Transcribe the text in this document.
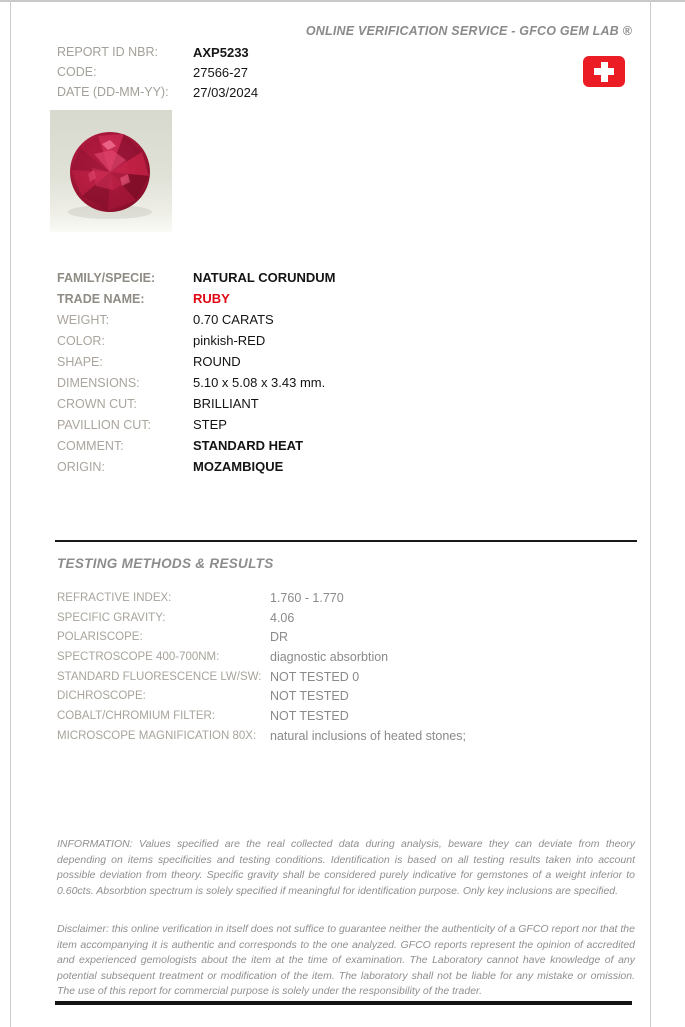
ONLINE VERIFICATION SERVICE - GFCO GEM LAB ®
REPORT ID NBR:	AXP5233
CODE:	27566-27
DATE (DD-MM-YY):	27/03/2024
FAMILY/SPECIE:	NATURAL CORUNDUM
TRADE NAME:	RUBY
WEIGHT:	0.70 CARATS
COLOR:	pinkish-RED
SHAPE:	ROUND
DIMENSIONS:	5.10 x 5.08 x 3.43 mm.
CROWN CUT:	BRILLIANT
PAVILLION CUT:	STEP
COMMENT:	STANDARD HEAT
ORIGIN:	MOZAMBIQUE
TESTING METHODS & RESULTS
REFRACTIVE INDEX:	1.760 - 1.770
SPECIFIC GRAVITY:	4.06
POLARISCOPE:	DR
SPECTROSCOPE 400-700NM:	diagnostic absorbtion
STANDARD FLUORESCENCE LW/SW: NOT TESTED 0
DICHROSCOPE:	NOT TESTED
COBALT/CHROMIUM FILTER:	NOT TESTED
MICROSCOPE MAGNIFICATION 80X:	natural inclusions of heated stones;
INFORMATION: Values specified are the real collected data during analysis, beware they can deviate from theory depending on items specificities and testing conditions. Identification is based on all testing results taken into account possible deviation from theory. Specific gravity shall be considered purely indicative for gemstones of a weight inferior to 0.60cts. Absorbtion spectrum is solely specified if meaningful for identification purpose. Only key inclusions are specified.
Disclaimer: this online verification in itself does not suffice to guarantee neither the authenticity of a GFCO report nor that the item accompanying it is authentic and corresponds to the one analyzed. GFCO reports represent the opinion of accredited and experienced gemologists about the item at the time of examination. The Laboratory cannot have knowledge of any potential subsequent treatment or modification of the item. The laboratory shall not be liable for any mistake or omission. The use of this report for commercial purpose is solely under the responsibility of the trader.
